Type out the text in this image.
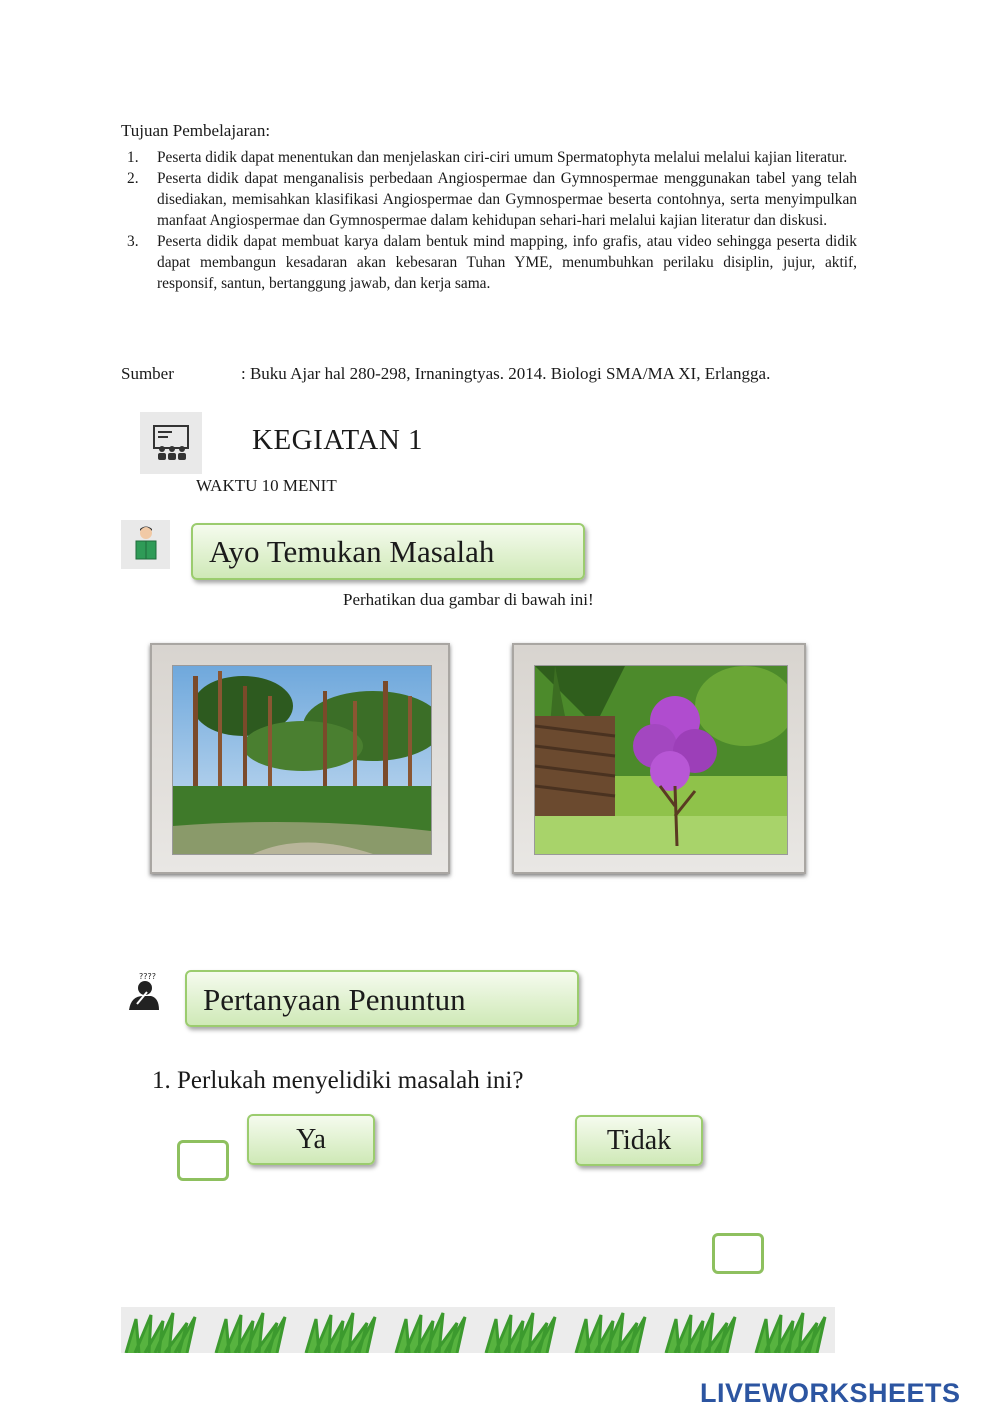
Tujuan Pembelajaran:
1. Peserta didik dapat menentukan dan menjelaskan ciri-ciri umum Spermatophyta melalui melalui kajian literatur.
2. Peserta didik dapat menganalisis perbedaan Angiospermae dan Gymnospermae menggunakan tabel yang telah disediakan, memisahkan klasifikasi Angiospermae dan Gymnospermae beserta contohnya, serta menyimpulkan manfaat Angiospermae dan Gymnospermae dalam kehidupan sehari-hari melalui kajian literatur dan diskusi.
3. Peserta didik dapat membuat karya dalam bentuk mind mapping, info grafis, atau video sehingga peserta didik dapat membangun kesadaran akan kebesaran Tuhan YME, menumbuhkan perilaku disiplin, jujur, aktif, responsif, santun, bertanggung jawab, dan kerja sama.
Sumber	: Buku Ajar hal 280-298, Irnaningtyas. 2014. Biologi SMA/MA XI, Erlangga.
KEGIATAN 1
WAKTU 10 MENIT
Ayo Temukan Masalah
Perhatikan dua gambar di bawah ini!
????
Pertanyaan Penuntun
1. Perlukah menyelidiki masalah ini?
Ya	Tidak
LIVEWORKSHEETS
